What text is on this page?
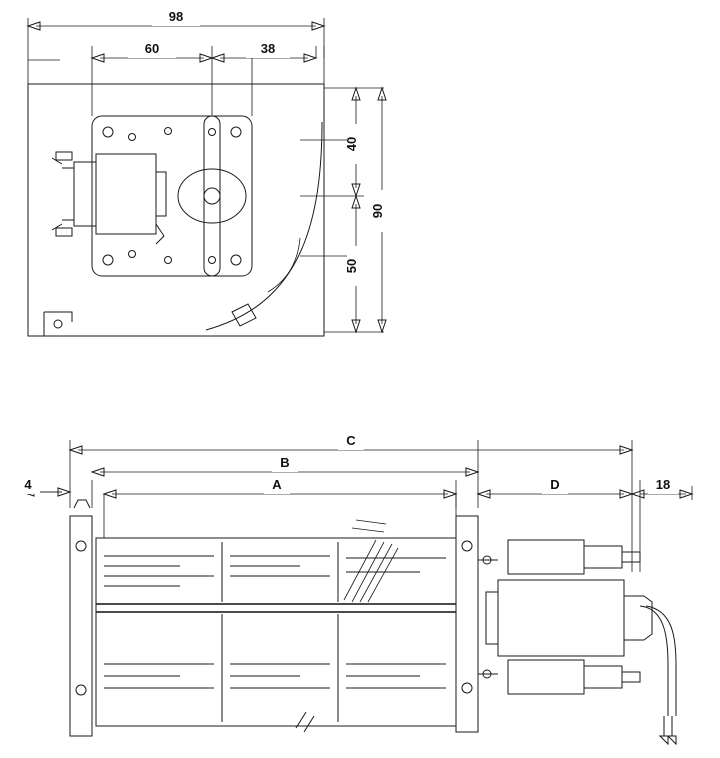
98
60	38
40
50
90
C
B
A
4	D	18
